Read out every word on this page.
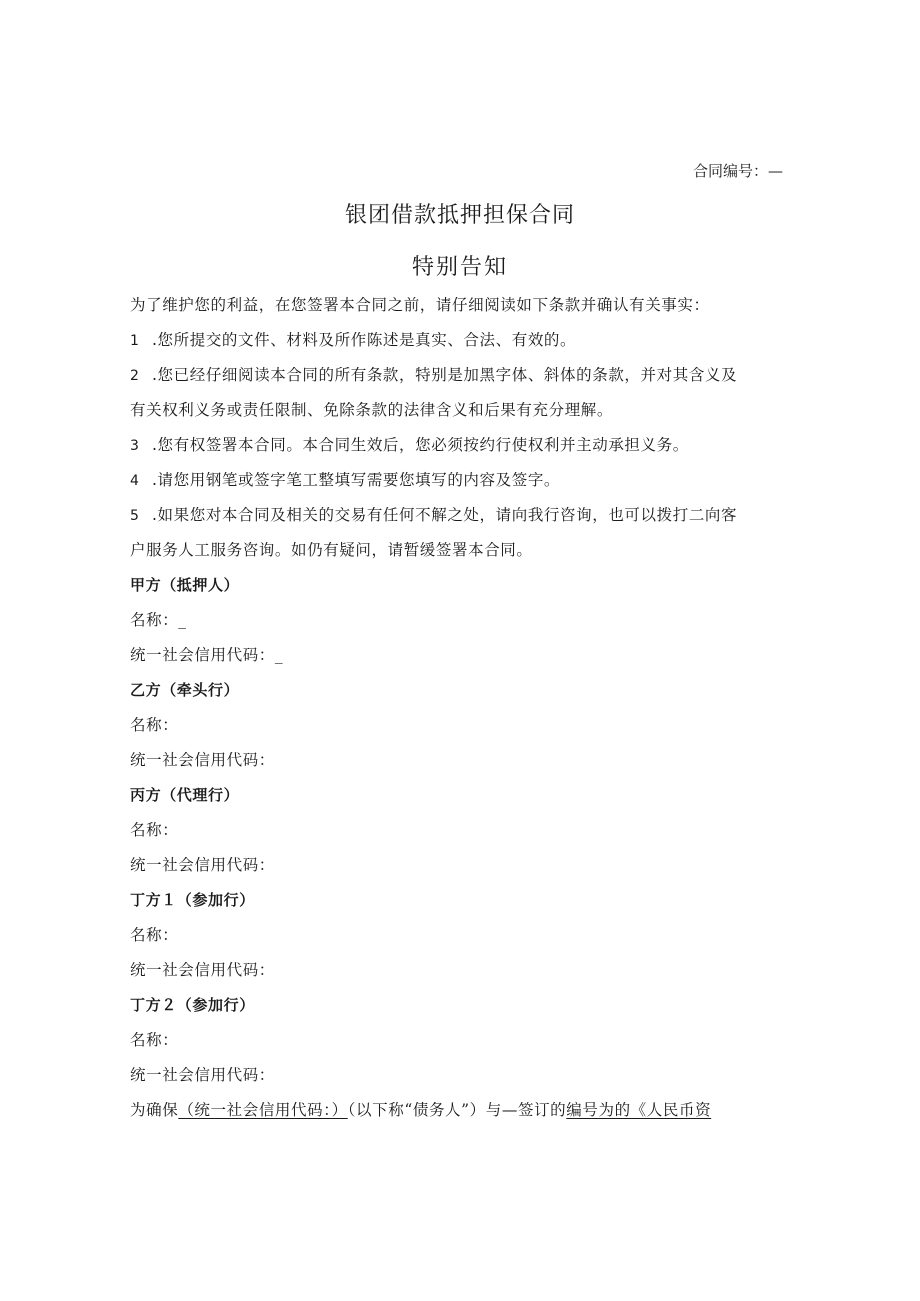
合同编号：—
银团借款抵押担保合同
特别告知
为了维护您的利益，在您签署本合同之前，请仔细阅读如下条款并确认有关事实：
1 .您所提交的文件、材料及所作陈述是真实、合法、有效的。
2 .您已经仔细阅读本合同的所有条款，特别是加黑字体、斜体的条款，并对其含义及
有关权利义务或责任限制、免除条款的法律含义和后果有充分理解。
3 .您有权签署本合同。本合同生效后，您必须按约行使权利并主动承担义务。
4 .请您用钢笔或签字笔工整填写需要您填写的内容及签字。
5 .如果您对本合同及相关的交易有任何不解之处，请向我行咨询，也可以拨打二向客
户服务人工服务咨询。如仍有疑问，请暂缓签署本合同。
甲方（抵押人）
名称：_
统一社会信用代码：_
乙方（牵头行）
名称：
统一社会信用代码：
丙方（代理行）
名称：
统一社会信用代码：
丁方１（参加行）
名称：
统一社会信用代码：
丁方２（参加行）
名称：
统一社会信用代码：
为确保（统一社会信用代码：）（以下称“债务人”）与—签订的编号为的《人民币资
